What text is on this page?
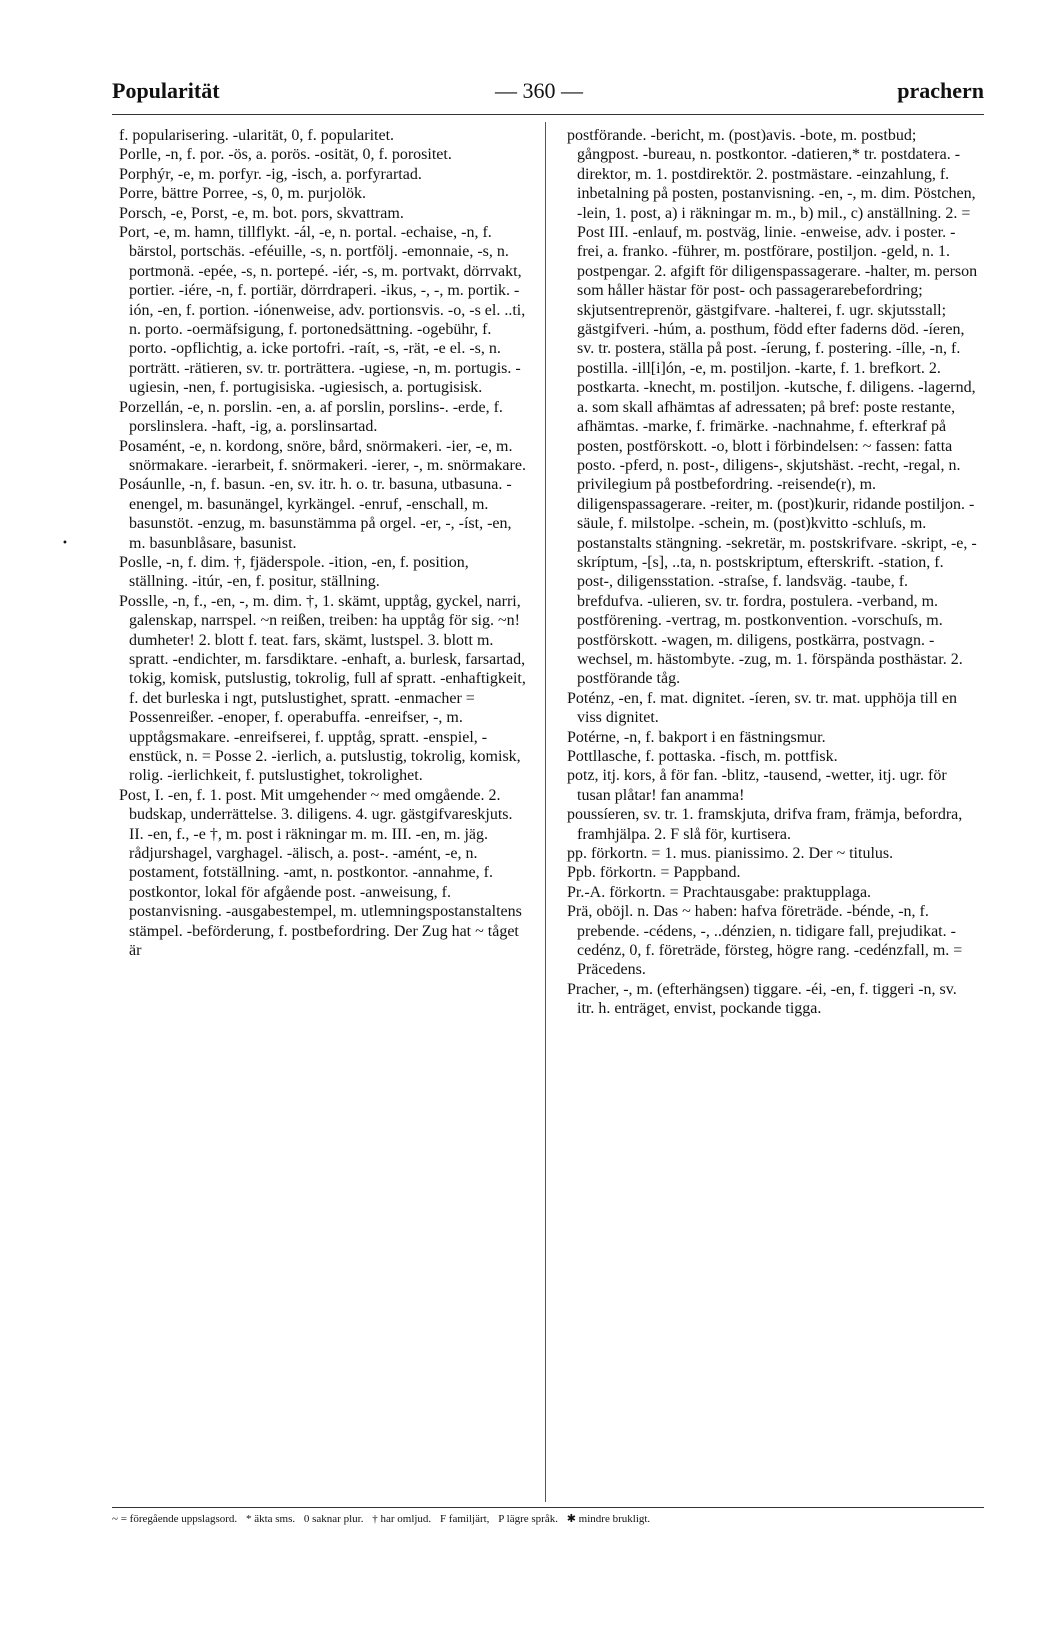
Popularität	— 360 —	prachern

f. popularisering. -ularität, 0, f. popularitet.

Porlle, -n, f. por. -ös, a. porös. -osität, 0, f. porositet.

Porphýr, -e, m. porfyr. -ig, -isch, a. porfyrartad.

Porre, bättre Porree, -s, 0, m. purjolök.

Porsch, -e, Porst, -e, m. bot. pors, skvattram.

Port, -e, m. hamn, tillflykt. -ál, -e, n. portal. -echaise, -n, f. bärstol, portschäs. -eféuille, -s, n. portfölj. -emonnaie, -s, n. portmonä. -epée, -s, n. portepé. -iér, -s, m. portvakt, dörrvakt, portier. -iére, -n, f. portiär, dörrdraperi. -ikus, -, -, m. portik. -ión, -en, f. portion. -iónenweise, adv. portionsvis. -o, -s el. ..ti, n. porto. -oermäfsigung, f. portonedsättning. -ogebühr, f. porto. -opflichtig, a. icke portofri. -raít, -s, -rät, -e el. -s, n. porträtt. -rätieren, sv. tr. porträttera. -ugiese, -n, m. portugis. -ugiesin, -nen, f. portugisiska. -ugiesisch, a. portugisisk.

Porzellán, -e, n. porslin. -en, a. af porslin, porslins-. -erde, f. porslinslera. -haft, -ig, a. porslinsartad.

Posamént, -e, n. kordong, snöre, bård, snörmakeri. -ier, -e, m. snörmakare. -ierarbeit, f. snörmakeri. -ierer, -, m. snörmakare.

Posáunlle, -n, f. basun. -en, sv. itr. h. o. tr. basuna, utbasuna. -enengel, m. basunängel, kyrkängel. -enruf, -enschall, m. basunstöt. -enzug, m. basunstämma på orgel. -er, -, -íst, -en, m. basunblåsare, basunist.

Poslle, -n, f. dim. †, fjäderspole. -ition, -en, f. position, ställning. -itúr, -en, f. positur, ställning.

Posslle, -n, f., -en, -, m. dim. †, 1. skämt, upptåg, gyckel, narri, galenskap, narrspel. ~n reißen, treiben: ha upptåg för sig. ~n! dumheter! 2. blott f. teat. fars, skämt, lustspel. 3. blott m. spratt. -endichter, m. farsdiktare. -enhaft, a. burlesk, farsartad, tokig, komisk, putslustig, tokrolig, full af spratt. -enhaftigkeit, f. det burleska i ngt, putslustighet, spratt. -enmacher = Possenreißer. -enoper, f. operabuffa. -enreifser, -, m. upptågsmakare. -enreifserei, f. upptåg, spratt. -enspiel, -enstück, n. = Posse 2. -ierlich, a. putslustig, tokrolig, komisk, rolig. -ierlichkeit, f. putslustighet, tokrolighet.

Post, I. -en, f. 1. post. Mit umgehender ~ med omgående. 2. budskap, underrättelse. 3. diligens. 4. ugr. gästgifvareskjuts. II. -en, f., -e †, m. post i räkningar m. m. III. -en, m. jäg. rådjurshagel, varghagel. -älisch, a. post-. -amént, -e, n. postament, fotställning. -amt, n. postkontor. -annahme, f. postkontor, lokal för afgående post. -anweisung, f. postanvisning. -ausgabestempel, m. utlemningspostanstaltens stämpel. -beförderung, f. postbefordring. Der Zug hat ~ tåget är

postförande. -bericht, m. (post)avis. -bote, m. postbud; gångpost. -bureau, n. postkontor. -datieren,* tr. postdatera. -direktor, m. 1. postdirektör. 2. postmästare. -einzahlung, f. inbetalning på posten, postanvisning. -en, -, m. dim. Pöstchen, -lein, 1. post, a) i räkningar m. m., b) mil., c) anställning. 2. = Post III. -enlauf, m. postväg, linie. -enweise, adv. i poster. -frei, a. franko. -führer, m. postförare, postiljon. -geld, n. 1. postpengar. 2. afgift för diligenspassagerare. -halter, m. person som håller hästar för post- och passagerarebefordring; skjutsentreprenör, gästgifvare. -halterei, f. ugr. skjutsstall; gästgifveri. -húm, a. posthum, född efter faderns död. -íeren, sv. tr. postera, ställa på post. -íerung, f. postering. -ílle, -n, f. postilla. -ill[i]ón, -e, m. postiljon. -karte, f. 1. brefkort. 2. postkarta. -knecht, m. postiljon. -kutsche, f. diligens. -lagernd, a. som skall afhämtas af adressaten; på bref: poste restante, afhämtas. -marke, f. frimärke. -nachnahme, f. efterkraf på posten, postförskott. -o, blott i förbindelsen: ~ fassen: fatta posto. -pferd, n. post-, diligens-, skjutshäst. -recht, -regal, n. privilegium på postbefordring. -reisende(r), m. diligenspassagerare. -reiter, m. (post)kurir, ridande postiljon. -säule, f. milstolpe. -schein, m. (post)kvitto -schluſs, m. postanstalts stängning. -sekretär, m. postskrifvare. -skript, -e, -skríptum, -[s], ..ta, n. postskriptum, efterskrift. -station, f. post-, diligensstation. -straſse, f. landsväg. -taube, f. brefdufva. -ulieren, sv. tr. fordra, postulera. -verband, m. postförening. -vertrag, m. postkonvention. -vorschuſs, m. postförskott. -wagen, m. diligens, postkärra, postvagn. -wechsel, m. hästombyte. -zug, m. 1. förspända posthästar. 2. postförande tåg.

Poténz, -en, f. mat. dignitet. -íeren, sv. tr. mat. upphöja till en viss dignitet.

Potérne, -n, f. bakport i en fästningsmur.

Pottllasche, f. pottaska. -fisch, m. pottfisk.

potz, itj. kors, å för fan. -blitz, -tausend, -wetter, itj. ugr. för tusan plåtar! fan anamma!

poussíeren, sv. tr. 1. framskjuta, drifva fram, främja, befordra, framhjälpa. 2. F slå för, kurtisera.

pp. förkortn. = 1. mus. pianissimo. 2. Der ~ titulus.

Ppb. förkortn. = Pappband.

Pr.-A. förkortn. = Prachtausgabe: praktupplaga.

Prä, oböjl. n. Das ~ haben: hafva företräde. -bénde, -n, f. prebende. -cédens, -, ..dénzien, n. tidigare fall, prejudikat. -cedénz, 0, f. företräde, försteg, högre rang. -cedénzfall, m. = Präcedens.

Pracher, -, m. (efterhängsen) tiggare. -éi, -en, f. tiggeri -n, sv. itr. h. enträget, envist, pockande tigga.

•
~ = föregående uppslagsord. * äkta sms. 0 saknar plur. † har omljud. F familjärt, P lägre språk. ✱ mindre brukligt.
